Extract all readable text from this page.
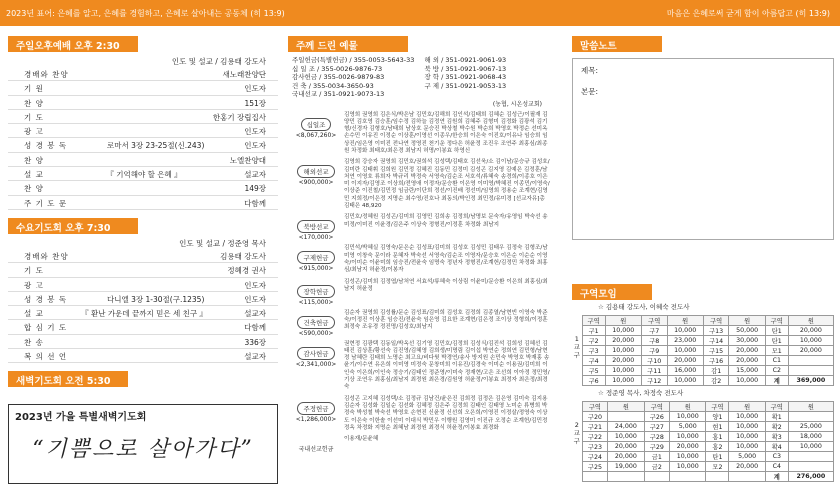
2023년 표어: 은혜를 알고, 은혜를 경험하고, 은혜로 살아내는 공동체 (히 13:9)	마음은 은혜로써 굳게 함이 아름답고 (히 13:9)
주일오후예배 오후 2:30
인도 및 설교 / 김용태 강도사
경배와 찬양	새노래찬양단
기 원	인도자
찬 양	151장
기 도	한홍기 장립집사
광 고	인도자
성 경 봉 독	로마서 3장 23-25절(신.243)	인도자
찬 양	노엘찬양대
설 교	『 기억해야 할 은혜 』	설교자
찬 양	149장
주 기 도 문	다함께
수요기도회 오후 7:30
인도 및 설교 / 정준영 목사
경배와 찬양	김용태 강도사
기 도	정혜경 권사
광 고	인도자
성 경 봉 독	다니엘 3장 1-30절(구.1235)	인도자
설 교	『 환난 가운데 끝까지 믿은 세 친구 』	설교자
합 심 기 도	다함께
찬 송	336장
복 의 선 언	설교자
새벽기도회 오전 5:30
2023년 가을 특별새벽기도회
“기쁨으로 살아가다”
주께 드린 예물
주일헌금(특별헌금) / 355-0053-5643-33
십 일 조 / 355-0026-9876-73
감사헌금 / 355-0026-9879-83
건 축 / 355-0034-3650-93
국내선교 / 351-0921-9073-13
해 외 / 351-0921-9061-93
북 방 / 351-0921-9067-13
장 학 / 351-0921-9068-43
구 제 / 351-0921-9053-13
(농협, 시온성교회)
십일조
<8,067,260>
김영희 권영희 김은식/박은남 김민호/김해희 김인석/김태희 김혜순 김성근/이필재 김양민 김호영 김승훈/임수정 김하늘 김정연 김원희 김혜주 김형미 김정화 김광석 김기형/신경자 김형호/남태희 남상호 문승진 박상철 박수원 박순희 박영호 박정순 선미옥 손수민 이유진 이정순 이상훈/이영선 이종우/한승희 이은숙 이진호/이유나 임승희 임상진/임은영 이미진 전나연 정영진 천기운 정다은 허윤정 조진우 조연주 최홍심/최종원 차정화 최태호/최은경 최남지 허명/이봉효 하영신
해외선교
<900,000>
김영희 강승자 권영희 김민호/권희석 김성택/김태호 김선욱/소 김이남/문승규 김성호/김미란 김태휘 김희원 김민정 김혜진 김동민 김정미 김성곤 김지영 김예은 김정훈/남처연 이영호 류희자 박규리 박정숙 서영숙/김순조 서호석/류혜숙 송경희/이종호 이은미 이지자/김영조 이상희/전영애 이정자/문승환 이은영 이미영/박혜진 이종민/이영숙/이상준 이진철/김민정 임금란/이단희 정선/이진배 정선미/임영희 정용순 조계현/김영민 지희정/이은정 지명순 최수영/진호나 최동의/박인정 최민정/유미경 [선교자유]총 김태은 48,920
북방선교
<170,000>
김민호/정혜원 김성곤/김미희 김영민 김희송 김정희/남명보 문숙자/유영임 박숙선 송미정/이미진 이윤경/김은주 이상숙 정형진/이정훈 차정화 최남지
구제헌금
<915,000>
김민석/박혜실 김영숙/문은순 김성표/김미희 김성호 김성민 김태우 김정숙 김형조/남미영 이창숙 문이라 문혜자 박숙선 서영숙/김순조 이영자/문승호 이은순 이순순 이영숙/이미순 이윤미희 임승진/전윤숙 임명숙 정년자 정형진/조계헌/김정민 차정화 최홍심/최남지 허윤정/이봉자
장학헌금
<115,000>
김성곤/김미희 김정엽/남처연 서효석/류혜숙 이상림 이윤미/문승환 이은희 최홍심/최남지 허윤정
건축헌금
<590,000>
김순자 권영희 김성률/문순 김성표/김미희 김성호 김정희 김종열/남현빈 이영숙 박준숙/이정진 이상훈 임승진/전윤숙 임은영 김요한 조계현/김은정 조이상 정형희/이정훈 최정숙 조유경 정진명/김성호/최남지
감사헌금
<2,341,000>
권현정 김광택 김동일/박옥선 김기영 김민호/김정희 김성식/김진석 김희성 김혜선 김태진 김상훈/황선숙 김진영/김혜영 김희생/미명림 김이섭 박연순 정희연 김민형/남현정 남혜란 김태희 노명순 최고요/비다윗 박경연/송사 방지원 손민숙 박영호 박재홍 송윤기/이수연 유은희 이미영 미정숙 문창미희 이유진/김경숙 이미순 이용권/김미희 이인숙 이은희/이인숙 정승기/김태인 정준영/이미숙 정재현/고은 조선희 이아정 정민영/기상 조연우 최홍심/최남지 최정원 최은경/김원영 허윤정/이봉효 최정자 최은정/최경숙
주정헌금
<1,286,000>
김성곤 고지혜 김성택/소 김정규 김남건/윤은진 김희정 김정은 김은영 김미숙 김지용 김순자 김성화 김일순 김선화 김혜정 김은주 김정희 김태인 김태영 노미순 류병희 박정숙 박성철 박숙선 박영호 손현진 신윤정 신선희 오은희/이영진 이정살/정영숙 이상도 이은숙 이한솔 이선미 이대식 박민우 이행원 김영미 이진규 오정순 조계헌/김민정 정옥 차정화 지명순 최혜남 최정원 최경식 허윤정/이봉효 최경화
국내선교헌금
이용재/문윤혜
말씀노트
제목:
본문:
구역모임
☆ 김용태 강도사, 이혜숙 전도사
1 교 구
구역	원	구역	원	구역	원	구역	원
구1	10,000	구7	10,000	구13	50,000	탄1	20,000
구2	20,000	구8	23,000	구14	30,000	탄1	10,000
구3	10,000	구9	10,000	구15	20,000	모1	20,000
구4	20,000	구10	20,000	구16	20,000	C1	
구5	10,000	구11	16,000	감1	15,000	C2	
구6	10,000	구12	10,000	감2	10,000	계	369,000
☆ 정준영 목사, 차정숙 전도사
2 교 구
구역	원	구역	원	구역	원	구역	원
구20		구26	10,000	양1	10,000	확1	
구21	24,000	구27	5,000	현1	10,000	확2	25,000
구22	10,000	구28	10,000	홍1	10,000	확3	18,000
구23	20,000	구29	20,000	홍2	10,000	확4	10,000
구24	20,000	금1	10,000	탄1	5,000	C3	
구25	19,000	금2	10,000	모2	20,000	C4	
						계	276,000
